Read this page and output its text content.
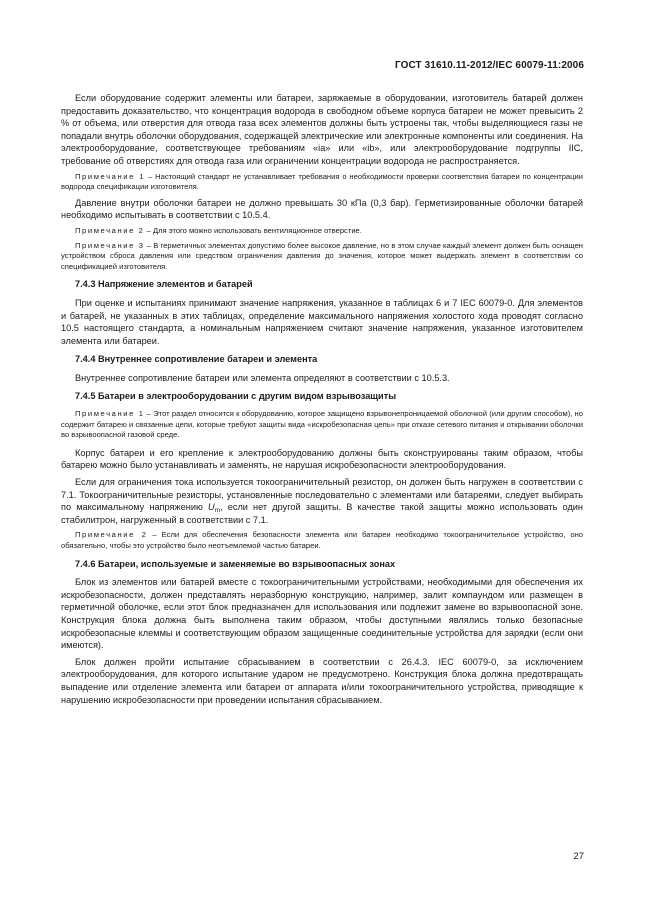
ГОСТ 31610.11-2012/IEC 60079-11:2006

Если оборудование содержит элементы или батареи, заряжаемые в оборудовании, изготовитель батарей должен предоставить доказательство, что концентрация водорода в свободном объеме корпуса батареи не может превысить 2 % от объема, или отверстия для отвода газа всех элементов должны быть устроены так, чтобы выделяющиеся газы не попадали внутрь оболочки оборудования, содержащей электрические или электронные компоненты или соединения. На электрооборудование, соответствующее требованиям «ia» или «ib», или электрооборудование подгруппы IIC, требование об отверстиях для отвода газа или ограничении концентрации водорода не распространяется.

Примечание 1 – Настоящий стандарт не устанавливает требования о необходимости проверки соответствия батареи по концентрации водорода спецификации изготовителя.

Давление внутри оболочки батареи не должно превышать 30 кПа (0,3 бар). Герметизированные оболочки батарей необходимо испытывать в соответствии с 10.5.4.

Примечание 2 – Для этого можно использовать вентиляционное отверстие.

Примечание 3 – В герметичных элементах допустимо более высокое давление, но в этом случае каждый элемент должен быть оснащен устройством сброса давления или средством ограничения давления до значения, которое может выдержать элемент в соответствии со спецификацией изготовителя.

7.4.3 Напряжение элементов и батарей

При оценке и испытаниях принимают значение напряжения, указанное в таблицах 6 и 7 IEC 60079-0. Для элементов и батарей, не указанных в этих таблицах, определение максимального напряжения холостого хода проводят согласно 10.5 настоящего стандарта, а номинальным напряжением считают значение напряжения, указанное изготовителем элемента или батареи.

7.4.4 Внутреннее сопротивление батареи и элемента

Внутреннее сопротивление батареи или элемента определяют в соответствии с 10.5.3.

7.4.5 Батареи в электрооборудовании с другим видом взрывозащиты

Примечание 1 – Этот раздел относится к оборудованию, которое защищено взрывонепроницаемой оболочкой (или другим способом), но содержит батарею и связанные цепи, которые требуют защиты вида «искробезопасная цепь» при отказе сетевого питания и открывании оболочки во взрывоопасной газовой среде.

Корпус батареи и его крепление к электрооборудованию должны быть сконструированы таким образом, чтобы батарею можно было устанавливать и заменять, не нарушая искробезопасности электрооборудования.

Если для ограничения тока используется токоограничительный резистор, он должен быть нагружен в соответствии с 7.1. Токоограничительные резисторы, установленные последовательно с элементами или батареями, следует выбирать по максимальному напряжению $U_m$, если нет другой защиты. В качестве такой защиты можно использовать один стабилитрон, нагруженный в соответствии с 7.1.

Примечание 2 – Если для обеспечения безопасности элемента или батареи необходимо токоограничительное устройство, оно обязательно, чтобы это устройство было неотъемлемой частью батареи.

7.4.6 Батареи, используемые и заменяемые во взрывоопасных зонах

Блок из элементов или батарей вместе с токоограничительными устройствами, необходимыми для обеспечения их искробезопасности, должен представлять неразборную конструкцию, например, залит компаундом или размещен в герметичной оболочке, если этот блок предназначен для использования или подлежит замене во взрывоопасной зоне. Конструкция блока должна быть выполнена таким образом, чтобы доступными являлись только безопасные искробезопасные клеммы и соответствующим образом защищенные соединительные устройства для зарядки (если они имеются).

Блок должен пройти испытание сбрасыванием в соответствии с 26.4.3. IEC 60079-0, за исключением электрооборудования, для которого испытание ударом не предусмотрено. Конструкция блока должна предотвращать выпадение или отделение элемента или батареи от аппарата и/или токоограничительного устройства, приводящие к нарушению искробезопасности при проведении испытания сбрасыванием.

27
